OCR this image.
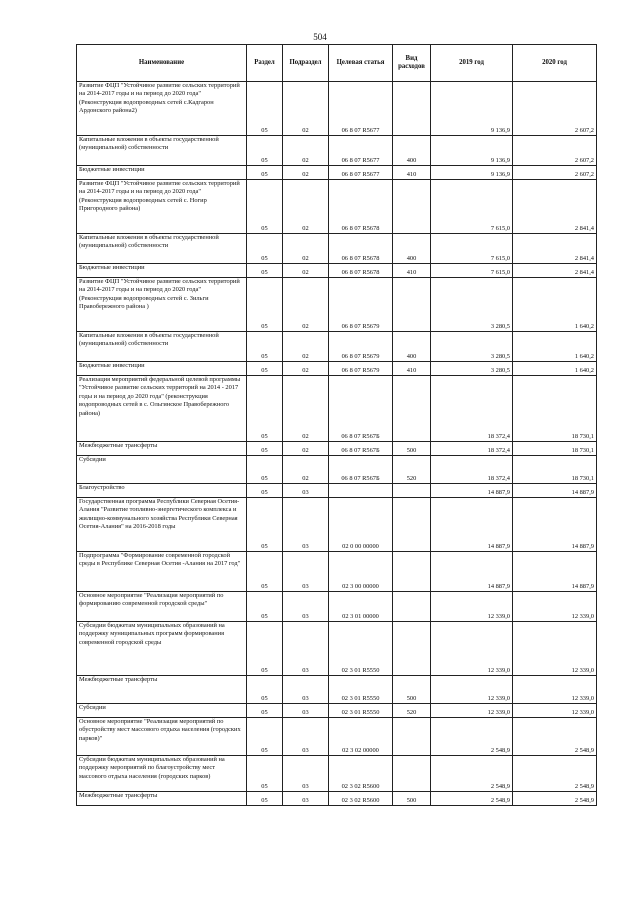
504
Наименование	Раздел	Подраздел	Целевая статья	Вид расходов	2019 год	2020 год
Развитие ФЦП "Устойчивое развитие сельских территорий на 2014-2017 годы и на период до 2020 года" (Реконструкция водопроводных сетей с.Кадгарон Ардонского района2)	05	02	06 8 07 R5677		9 136,9	2 607,2
Капитальные вложения в объекты государственной (муниципальной) собственности	05	02	06 8 07 R5677	400	9 136,9	2 607,2
Бюджетные инвестиции	05	02	06 8 07 R5677	410	9 136,9	2 607,2
Развитие ФЦП "Устойчивое развитие сельских территорий на 2014-2017 годы и на период до 2020 года" (Реконструкция водопроводных сетей с. Ногир Пригородного района)	05	02	06 8 07 R5678		7 615,0	2 841,4
Капитальные вложения в объекты государственной (муниципальной) собственности	05	02	06 8 07 R5678	400	7 615,0	2 841,4
Бюджетные инвестиции	05	02	06 8 07 R5678	410	7 615,0	2 841,4
Развитие ФЦП "Устойчивое развитие сельских территорий на 2014-2017 годы и на период до 2020 года" (Реконструкция водопроводных сетей с. Зильги Правобережного района )	05	02	06 8 07 R5679		3 280,5	1 640,2
Капитальные вложения в объекты государственной (муниципальной) собственности	05	02	06 8 07 R5679	400	3 280,5	1 640,2
Бюджетные инвестиции	05	02	06 8 07 R5679	410	3 280,5	1 640,2
Реализация мероприятий федеральной целевой программы "Устойчивое развитие сельских территорий на 2014 - 2017 годы и на период до 2020 года" (реконструкция водопроводных сетей в с. Ольгинское Правобережного района)	05	02	06 8 07 R567Б		18 372,4	18 730,1
Межбюджетные трансферты	05	02	06 8 07 R567Б	500	18 372,4	18 730,1
Субсидии	05	02	06 8 07 R567Б	520	18 372,4	18 730,1
Благоустройство	05	03			14 887,9	14 887,9
Государственная программа Республики Северная Осетия-Алания "Развитие топливно-энергетического комплекса и жилищно-коммунального хозяйства Республики Северная Осетия-Алания" на 2016-2018 годы	05	03	02 0 00 00000		14 887,9	14 887,9
Подпрограмма "Формирование современной городской среды в Республике Северная Осетия -Алания на 2017 год"	05	03	02 3 00 00000		14 887,9	14 887,9
Основное мероприятие "Реализация мероприятий по формированию современной городской среды"	05	03	02 3 01 00000		12 339,0	12 339,0
Субсидии бюджетам муниципальных образований на поддержку муниципальных программ формирования современной городской среды	05	03	02 3 01 R5550		12 339,0	12 339,0
Межбюджетные трансферты	05	03	02 3 01 R5550	500	12 339,0	12 339,0
Субсидии	05	03	02 3 01 R5550	520	12 339,0	12 339,0
Основное мероприятие "Реализация мероприятий по обустройству мест массового отдыха населения (городских парков)"	05	03	02 3 02 00000		2 548,9	2 548,9
Субсидии бюджетам муниципальных образований на поддержку мероприятий по благоустройству мест массового отдыха населения (городских парков)	05	03	02 3 02 R5600		2 548,9	2 548,9
Межбюджетные трансферты	05	03	02 3 02 R5600	500	2 548,9	2 548,9
